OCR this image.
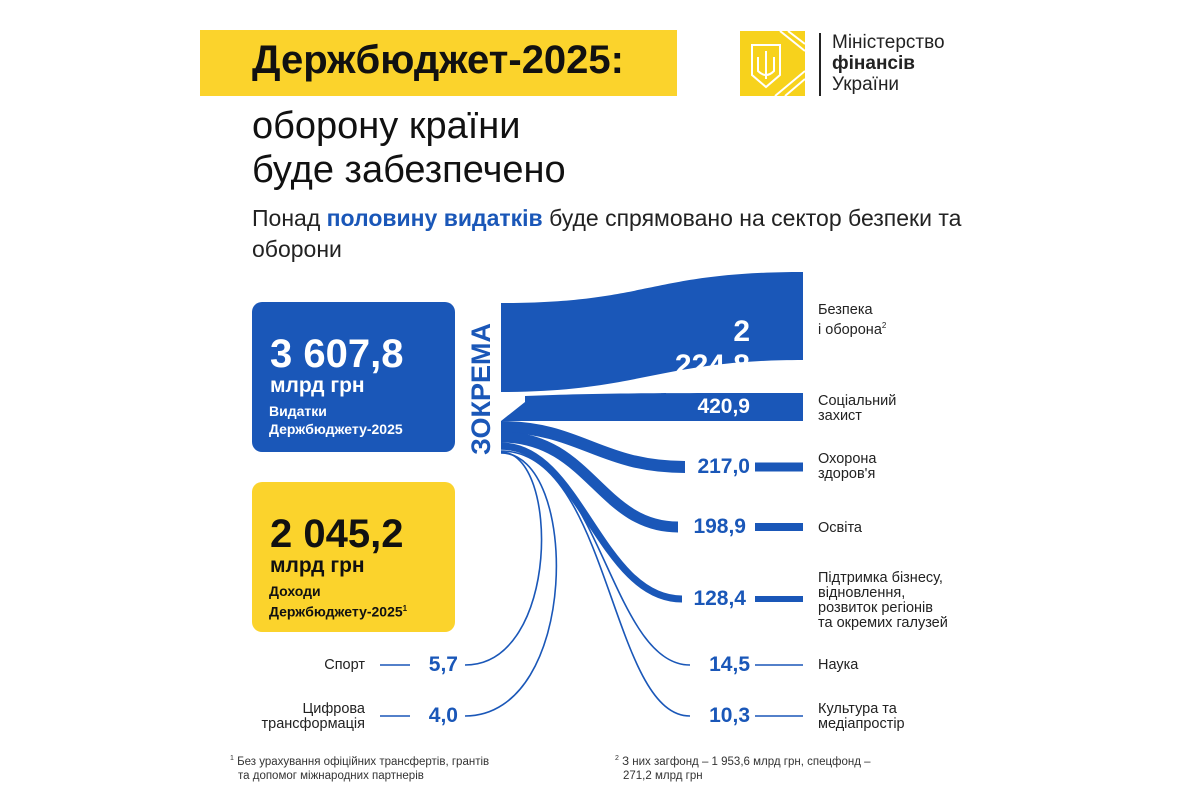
Держбюджет-2025:
оборону країни
буде забезпечено
Понад половину видатків буде спрямовано на сектор безпеки та оборони
Міністерство
фінансів
України
3 607,8
млрд грн
Видатки
Держбюджету-2025
2 045,2
млрд грн
Доходи
Держбюджету-2025$^1$
ЗОКРЕМА	2 224,8
420,9
217,0
198,9
128,4
14,5
10,3
5,7
4,0
Безпека
і оборона$^2$
Соціальний
захист
Охорона
здоров'я
Освіта
Підтримка бізнесу,
відновлення,
розвиток регіонів
та окремих галузей
Наука
Культура та
медіапростір
Спорт
Цифрова
трансформація
$^1$ Без урахування офіційних трансфертів, грантів
та допомог міжнародних партнерів
$^2$ З них загфонд – 1 953,6 млрд грн, спецфонд –
271,2 млрд грн
